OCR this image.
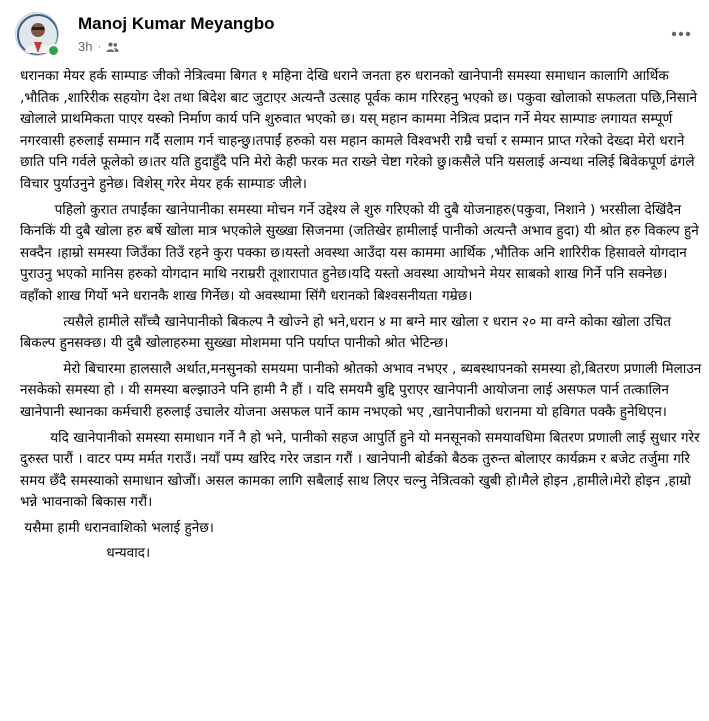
Manoj Kumar Meyangbo
3h ·

धरानका मेयर हर्क साम्पाङ जीको नेत्रित्वमा बिगत १ महिना देखि धराने जनता हरु धरानको खानेपानी समस्या समाधान कालागि आर्थिक ,भौतिक ,शारिरीक सहयोग देश तथा बिदेश बाट जुटाएर अत्यन्तै उत्साह पूर्वक काम गरिरहनु भएको छ। पकुवा खोलाको सफलता पछि,निसाने खोलाले प्राथमिकता पाएर यस्को निर्माण कार्य पनि शुरुवात भएको छ। यस् महान काममा नेत्रित्व प्रदान गर्ने मेयर साम्पाङ लगायत सम्पूर्ण नगरवासी हरुलाई सम्मान गर्दै सलाम गर्न चाहन्छु।तपाईं हरुको यस महान कामले विश्वभरी राम्रै चर्चा र सम्मान प्राप्त गरेको देख्दा मेरो धराने छाति पनि गर्वले फूलेको छ।तर यति हुदाहुँदै पनि मेरो केही फरक मत राख्ने चेष्टा गरेको छु।कसैले पनि यसलाई अन्यथा नलिई बिवेकपूर्ण ढंगले विचार पुर्याउनुने हुनेछ। विशेस् गरेर मेयर हर्क साम्पाङ जीले।

पहिलो कुरात तपाईंका खानेपानीका समस्या मोचन गर्ने उद्देश्य ले शुरु गरिएको यी दुबै योजनाहरु(पकुवा, निशाने ) भरसीला देखिंदैन किनकिं यी दुबै खोला हरु बर्षे खोला मात्र भएकोले सुख्खा सिजनमा (जतिखेर हामीलाई पानीको अत्यन्तै अभाव हुदा) यी श्रोत हरु विकल्प हुने सक्दैन ।हाम्रो समस्या जिउँका तिउँ रहने कुरा पक्का छ।यस्तो अवस्था आउँदा यस काममा आर्थिक ,भौतिक अनि शारिरीक हिसावले योगदान पुराउनु भएको मानिस हरुको योगदान माथि नराम्ररी तूशारापात हुनेछ।यदि यस्तो अवस्था आयोभने मेयर साबको शाख गिर्ने पनि सक्नेछ। वहाँको शाख गिर्यो भने धरानकै शाख गिर्नेछ। यो अवस्थामा सिंगै धरानको बिश्वसनीयता गम्रेछ।

त्यसैले हामीले साँच्चै खानेपानीको बिकल्प नै खोज्ने हो भने,धरान ४ मा बग्ने मार खोला र धरान २० मा वग्ने कोका खोला उचित बिकल्प हुनसक्छ। यी दुबै खोलाहरुमा सुख्खा मोशममा पनि पर्याप्त पानीको श्रोत भेटिन्छ।

मेरो बिचारमा हालसालै अर्थात,मनसुनको समयमा पानीको श्रोतको अभाव नभएर , ब्यबस्थापनको समस्या हो,बितरण प्रणाली मिलाउन नसकेको समस्या हो । यी समस्या बल्झाउने पनि हामी नै हौं । यदि समयमै बुद्दि पुराएर खानेपानी आयोजना लाई असफल पार्न तत्कालिन खानेपानी स्थानका कर्मचारी हरुलाई उचालेर योजना असफल पार्ने काम नभएको भए ,खानेपानीको धरानमा यो हविगत पक्कै हुनेथिएन।

यदि खानेपानीको समस्या समाधान गर्ने नै हो भने, पानीको सहज आपुर्ति हुने यो मनसूनको समयावधिमा बितरण प्रणाली लाई सुधार गरेर दुरुस्त पारौं । वाटर पम्प मर्मत गराउँ। नयाँ पम्प खरिद गरेर जडान गरौं । खानेपानी बोर्डको बैठक तुरुन्त बोलाएर कार्यक्रम र बजेट तर्जुमा गरि समय छँदै समस्याको समाधान खोजौं। असल कामका लागि सबैलाई साथ लिएर चल्नु नेत्रित्वको खुबी हो।मैले होइन ,हामीले।मेरो होइन ,हाम्रो भन्ने भावनाको बिकास गरौं।

यसैमा हामी धरानवाशिको भलाई हुनेछ।

धन्यवाद।
